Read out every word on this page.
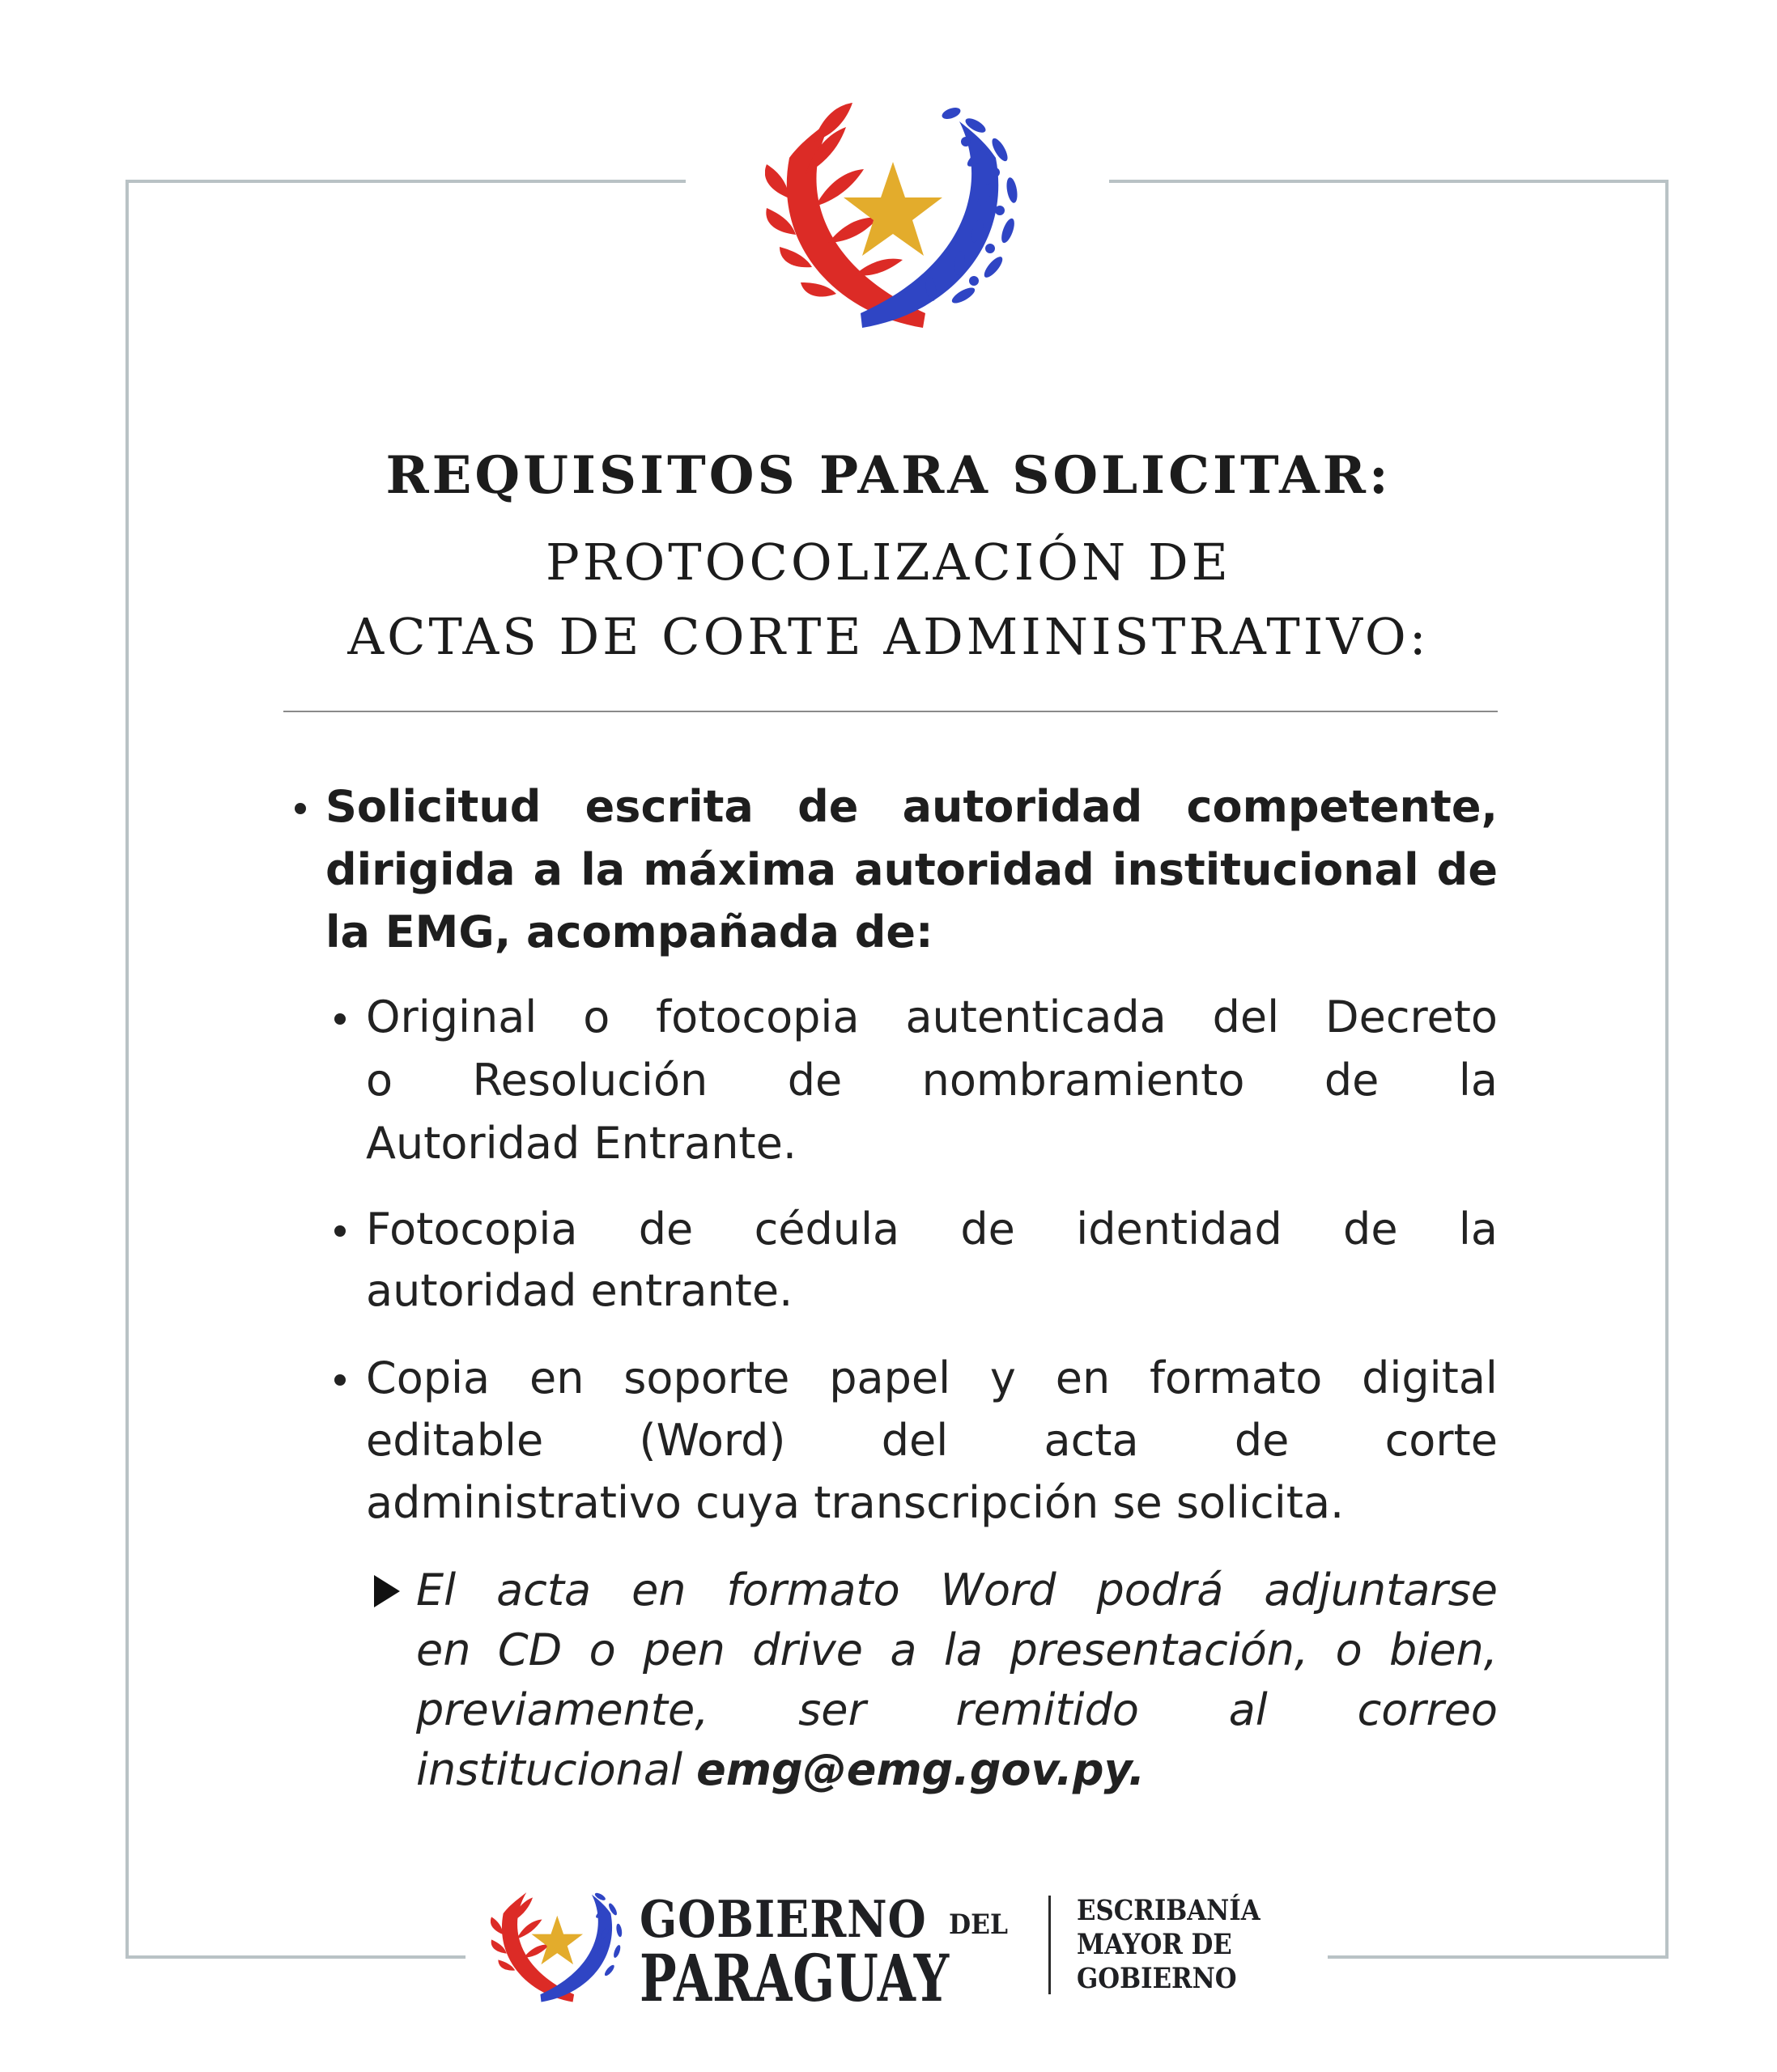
REQUISITOS PARA SOLICITAR:
PROTOCOLIZACIÓN DE
ACTAS DE CORTE ADMINISTRATIVO:
Solicitud escrita de autoridad competente,
dirigida a la máxima autoridad institucional de
la EMG, acompañada de:
Original o fotocopia autenticada del Decreto
o Resolución de nombramiento de la
Autoridad Entrante.
Fotocopia de cédula de identidad de la
autoridad entrante.
Copia en soporte papel y en formato digital
editable (Word) del acta de corte
administrativo cuya transcripción se solicita.
El acta en formato Word podrá adjuntarse
en CD o pen drive a la presentación, o bien,
previamente, ser remitido al correo
institucional emg@emg.gov.py.
GOBIERNO DEL
PARAGUAY
ESCRIBANÍA
MAYOR DE
GOBIERNO
